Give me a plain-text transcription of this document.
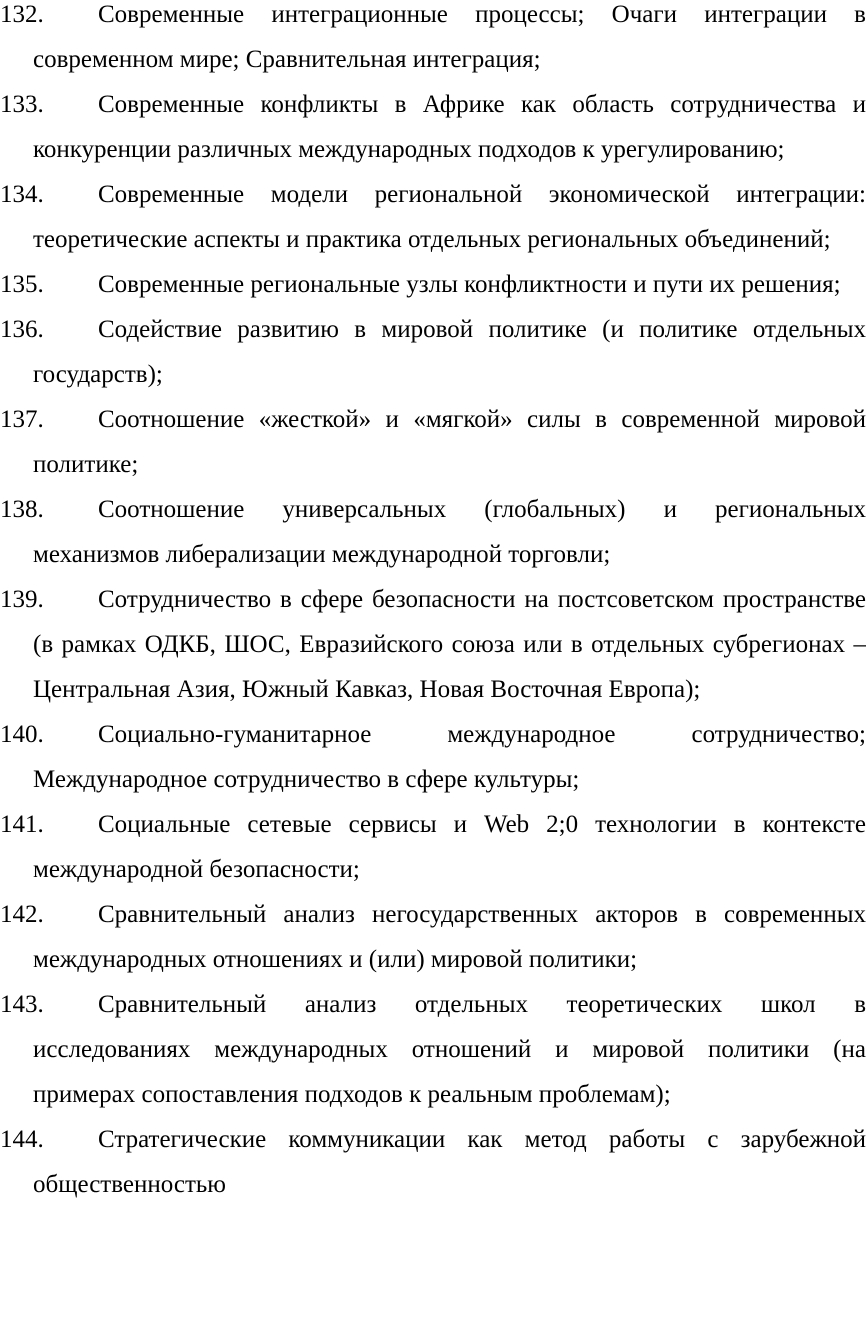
132. Современные интеграционные процессы; Очаги интеграции в современном мире; Сравнительная интеграция;

133. Современные конфликты в Африке как область сотрудничества и конкуренции различных международных подходов к урегулированию;

134. Современные модели региональной экономической интеграции: теоретические аспекты и практика отдельных региональных объединений;

135. Современные региональные узлы конфликтности и пути их решения;

136. Содействие развитию в мировой политике (и политике отдельных государств);

137. Соотношение «жесткой» и «мягкой» силы в современной мировой политике;

138. Соотношение универсальных (глобальных) и региональных механизмов либерализации международной торговли;

139. Сотрудничество в сфере безопасности на постсоветском пространстве (в рамках ОДКБ, ШОС, Евразийского союза или в отдельных субрегионах – Центральная Азия, Южный Кавказ, Новая Восточная Европа);

140. Социально-гуманитарное международное сотрудничество; Международное сотрудничество в сфере культуры;

141. Социальные сетевые сервисы и Web 2;0 технологии в контексте международной безопасности;

142. Сравнительный анализ негосударственных акторов в современных международных отношениях и (или) мировой политики;

143. Сравнительный анализ отдельных теоретических школ в исследованиях международных отношений и мировой политики (на примерах сопоставления подходов к реальным проблемам);

144. Стратегические коммуникации как метод работы с зарубежной общественностью
